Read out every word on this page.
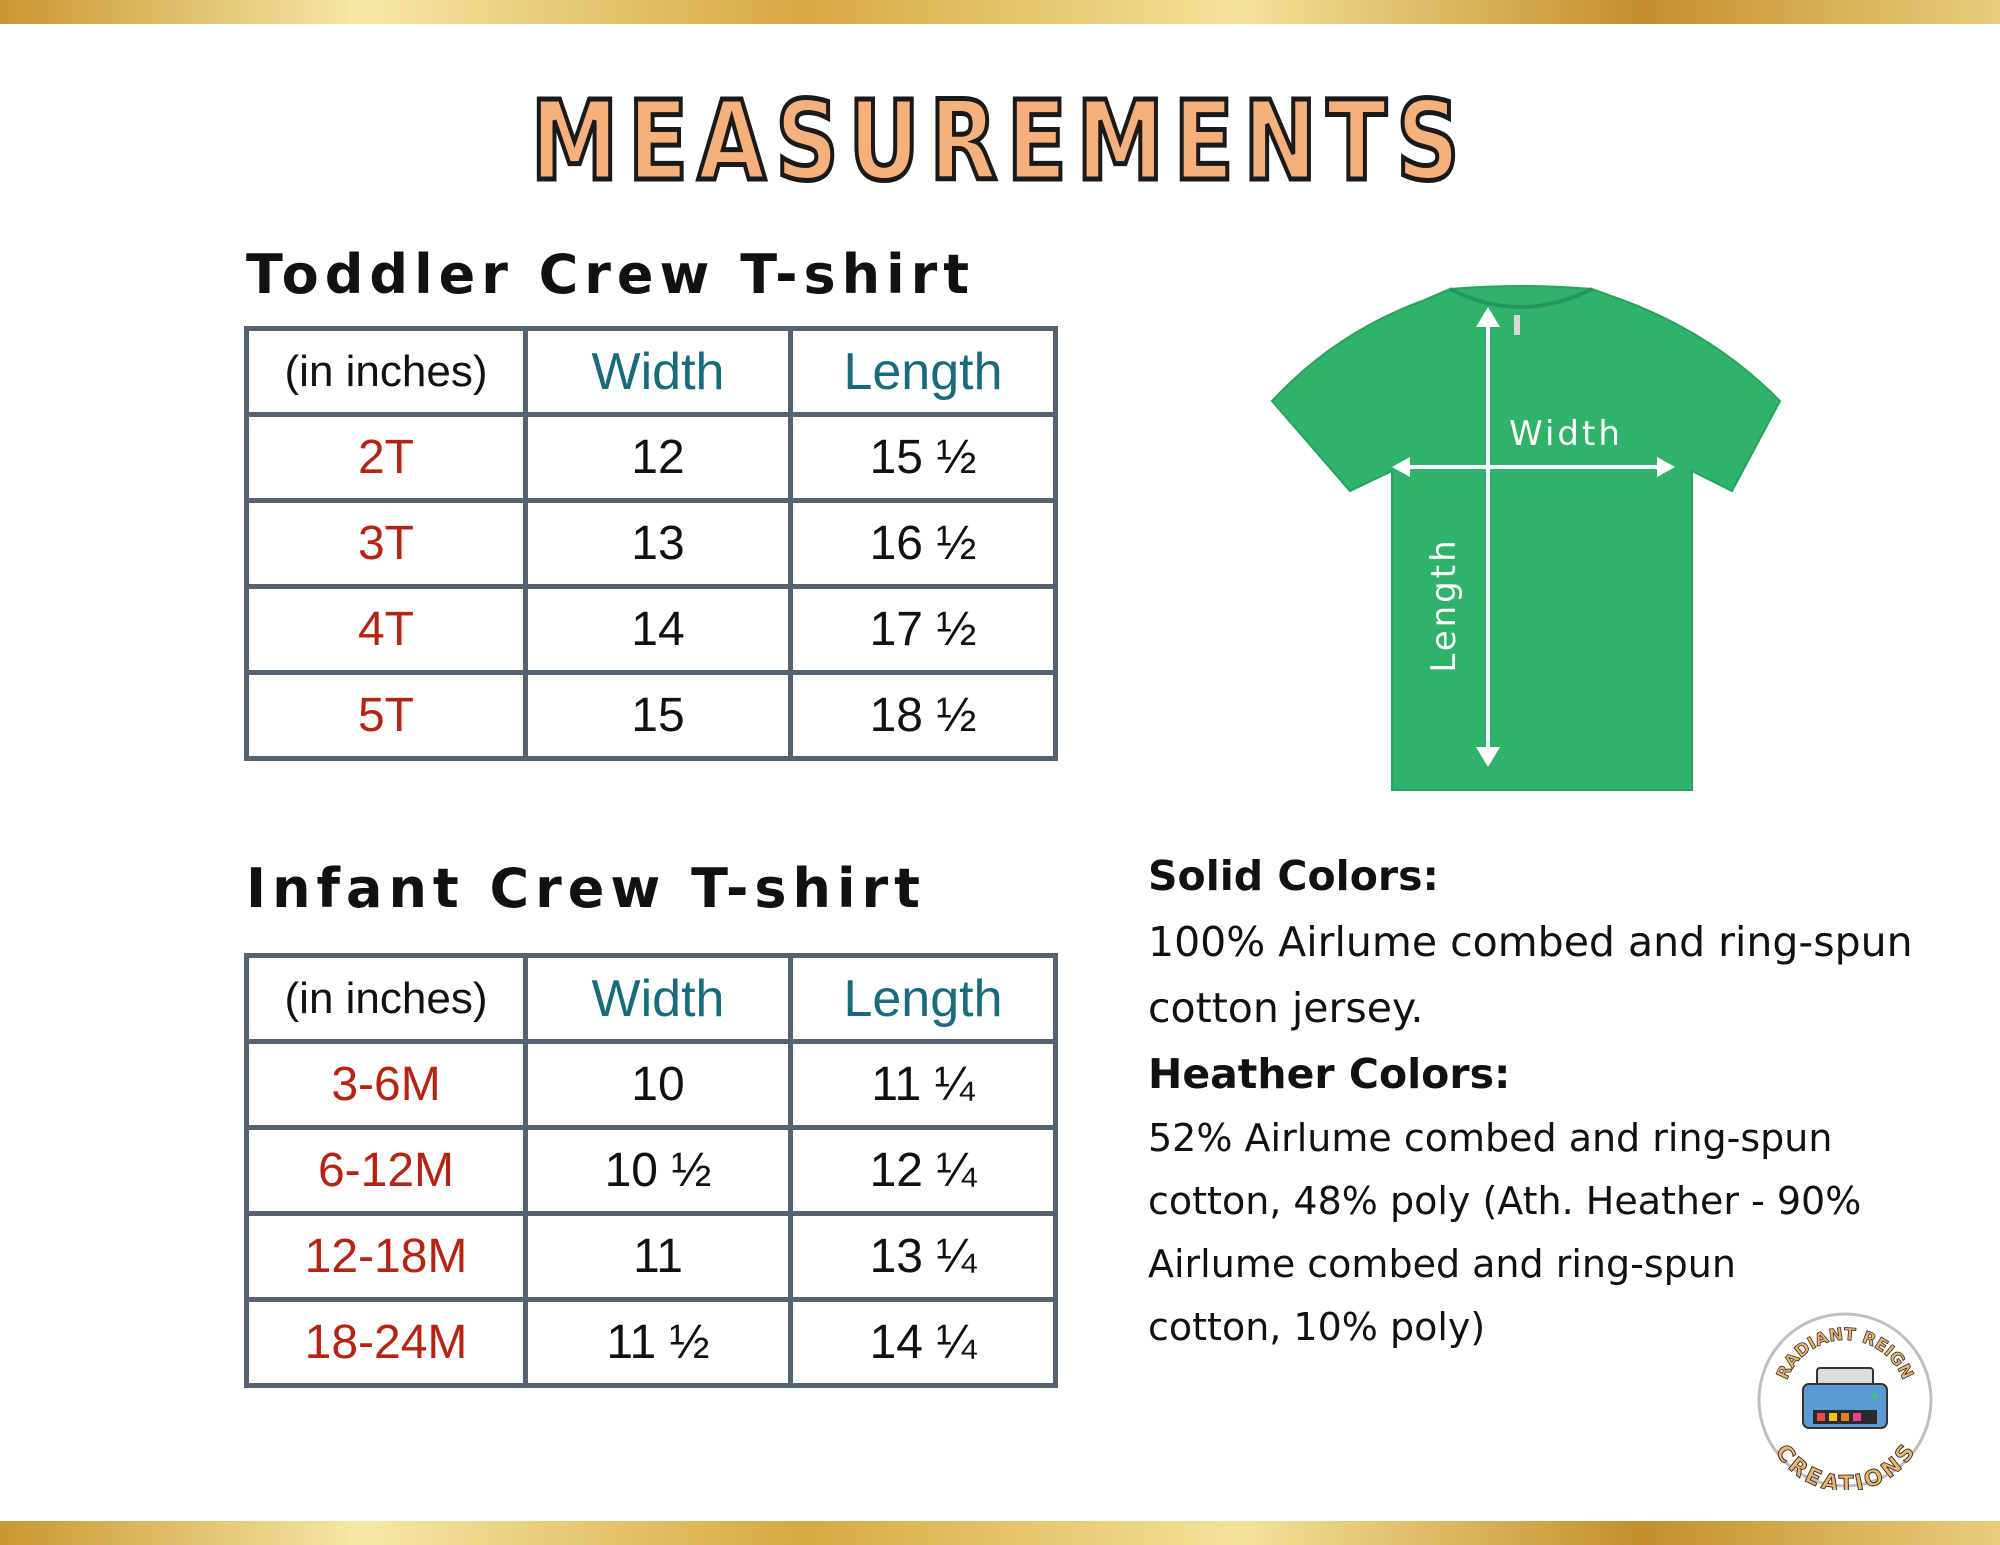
MEASUREMENTS
Toddler Crew T-shirt
(in inches)	Width	Length
2T	12	15 ½
3T	13	16 ½
4T	14	17 ½
5T	15	18 ½
Infant Crew T-shirt
(in inches)	Width	Length
3-6M	10	11 ¼
6-12M	10 ½	12 ¼
12-18M	11	13 ¼
18-24M	11 ½	14 ¼
Width
Length

Solid Colors:

100% Airlume combed and ring-spun

cotton jersey.

Heather Colors:

52% Airlume combed and ring-spun

cotton, 48% poly (Ath. Heather - 90%

Airlume combed and ring-spun

cotton, 10% poly)

RADIANT REIGN
CREATIONS
